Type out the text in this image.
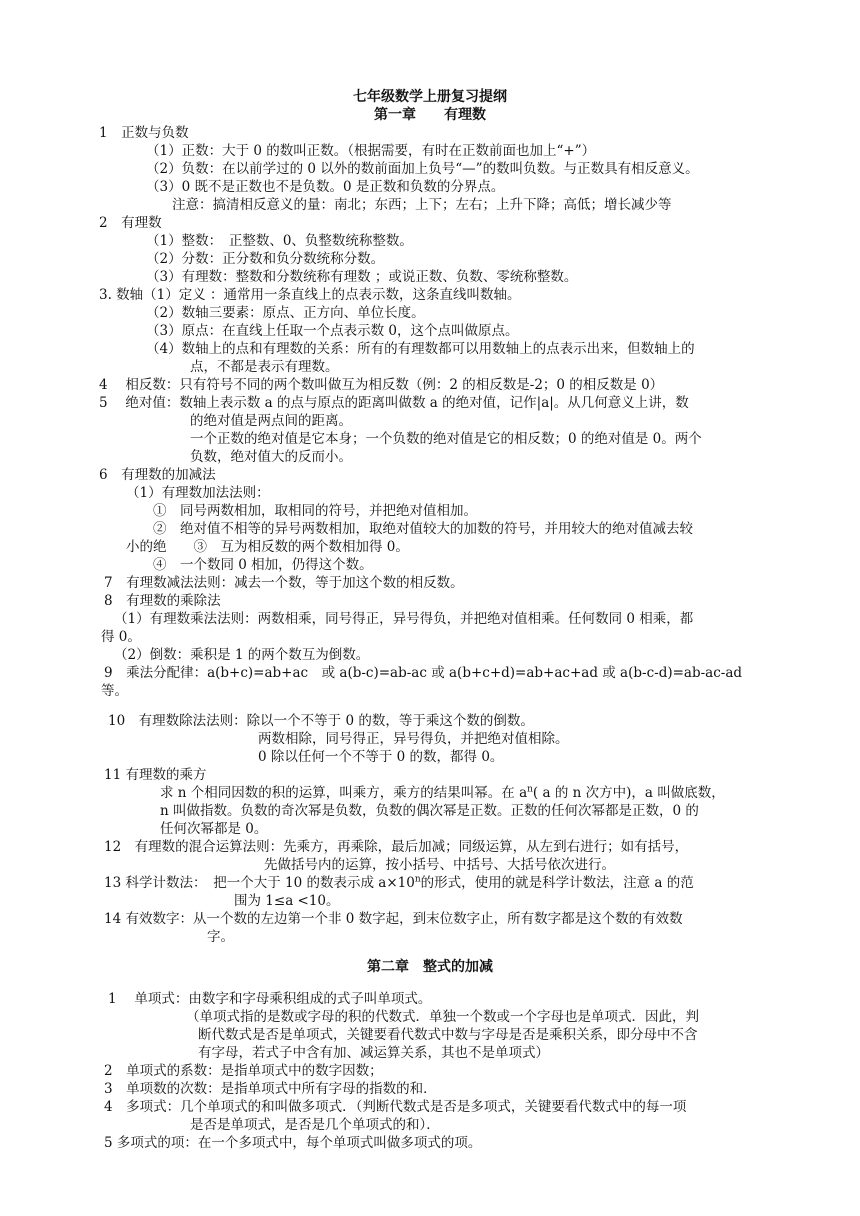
七年级数学上册复习提纲
第一章　　有理数
1　正数与负数
（1）正数：大于 0 的数叫正数。（根据需要，有时在正数前面也加上“+”）
（2）负数：在以前学过的 0 以外的数前面加上负号“—”的数叫负数。与正数具有相反意义。
（3）0 既不是正数也不是负数。0 是正数和负数的分界点。
注意：搞清相反意义的量：南北；东西；上下；左右；上升下降；高低；增长减少等
2　有理数
（1）整数：　正整数、0、负整数统称整数。
（2）分数：正分数和负分数统称分数。
（3）有理数：整数和分数统称有理数 ；或说正数、负数、零统称整数。
3. 数轴（1）定义 ：通常用一条直线上的点表示数，这条直线叫数轴。
（2）数轴三要素：原点、正方向、单位长度。
（3）原点：在直线上任取一个点表示数 0，这个点叫做原点。
（4）数轴上的点和有理数的关系：所有的有理数都可以用数轴上的点表示出来，但数轴上的
点，不都是表示有理数。
4　 相反数：只有符号不同的两个数叫做互为相反数（例：2 的相反数是-2；0 的相反数是 0）
5　 绝对值：数轴上表示数 a 的点与原点的距离叫做数 a 的绝对值，记作|a|。从几何意义上讲，数
的绝对值是两点间的距离。
一个正数的绝对值是它本身；一个负数的绝对值是它的相反数；0 的绝对值是 0。两个
负数，绝对值大的反而小。
6　有理数的加减法
（1）有理数加法法则：
①　同号两数相加，取相同的符号，并把绝对值相加。
②　绝对值不相等的异号两数相加，取绝对值较大的加数的符号，并用较大的绝对值减去较
小的绝　　③　互为相反数的两个数相加得 0。
④　一个数同 0 相加，仍得这个数。
7　有理数减法法则：减去一个数，等于加这个数的相反数。
8　有理数的乘除法
（1）有理数乘法法则：两数相乘，同号得正，异号得负，并把绝对值相乘。任何数同 0 相乘，都
得 0。
（2）倒数：乘积是 1 的两个数互为倒数。
9　乘法分配律：a(b+c)=ab+ac　或 a(b-c)=ab-ac 或 a(b+c+d)=ab+ac+ad 或 a(b-c-d)=ab-ac-ad
等。
10　有理数除法法则：除以一个不等于 0 的数，等于乘这个数的倒数。
两数相除，同号得正，异号得负，并把绝对值相除。
0 除以任何一个不等于 0 的数，都得 0。
11 有理数的乘方
求 n 个相同因数的积的运算，叫乘方，乘方的结果叫幂。在 $a^n$( a 的 n 次方中)，a 叫做底数，
n 叫做指数。负数的奇次幂是负数，负数的偶次幂是正数。正数的任何次幂都是正数，0 的
任何次幂都是 0。
12　有理数的混合运算法则：先乘方，再乘除，最后加减；同级运算，从左到右进行；如有括号，
先做括号内的运算，按小括号、中括号、大括号依次进行。
13 科学计数法：　把一个大于 10 的数表示成 $a\times 10^n$的形式，使用的就是科学计数法，注意 a 的范
围为 1≤a <10。
14 有效数字：从一个数的左边第一个非 0 数字起，到末位数字止，所有数字都是这个数的有效数
字。
第二章　整式的加减
1　 单项式：由数字和字母乘积组成的式子叫单项式。
（单项式指的是数或字母的积的代数式．单独一个数或一个字母也是单项式．因此，判
断代数式是否是单项式，关键要看代数式中数与字母是否是乘积关系，即分母中不含
有字母，若式子中含有加、减运算关系，其也不是单项式）
2　单项式的系数：是指单项式中的数字因数；
3　单项数的次数：是指单项式中所有字母的指数的和．
4　多项式：几个单项式的和叫做多项式．（判断代数式是否是多项式，关键要看代数式中的每一项
是否是单项式，是否是几个单项式的和）．
5 多项式的项：在一个多项式中，每个单项式叫做多项式的项。
